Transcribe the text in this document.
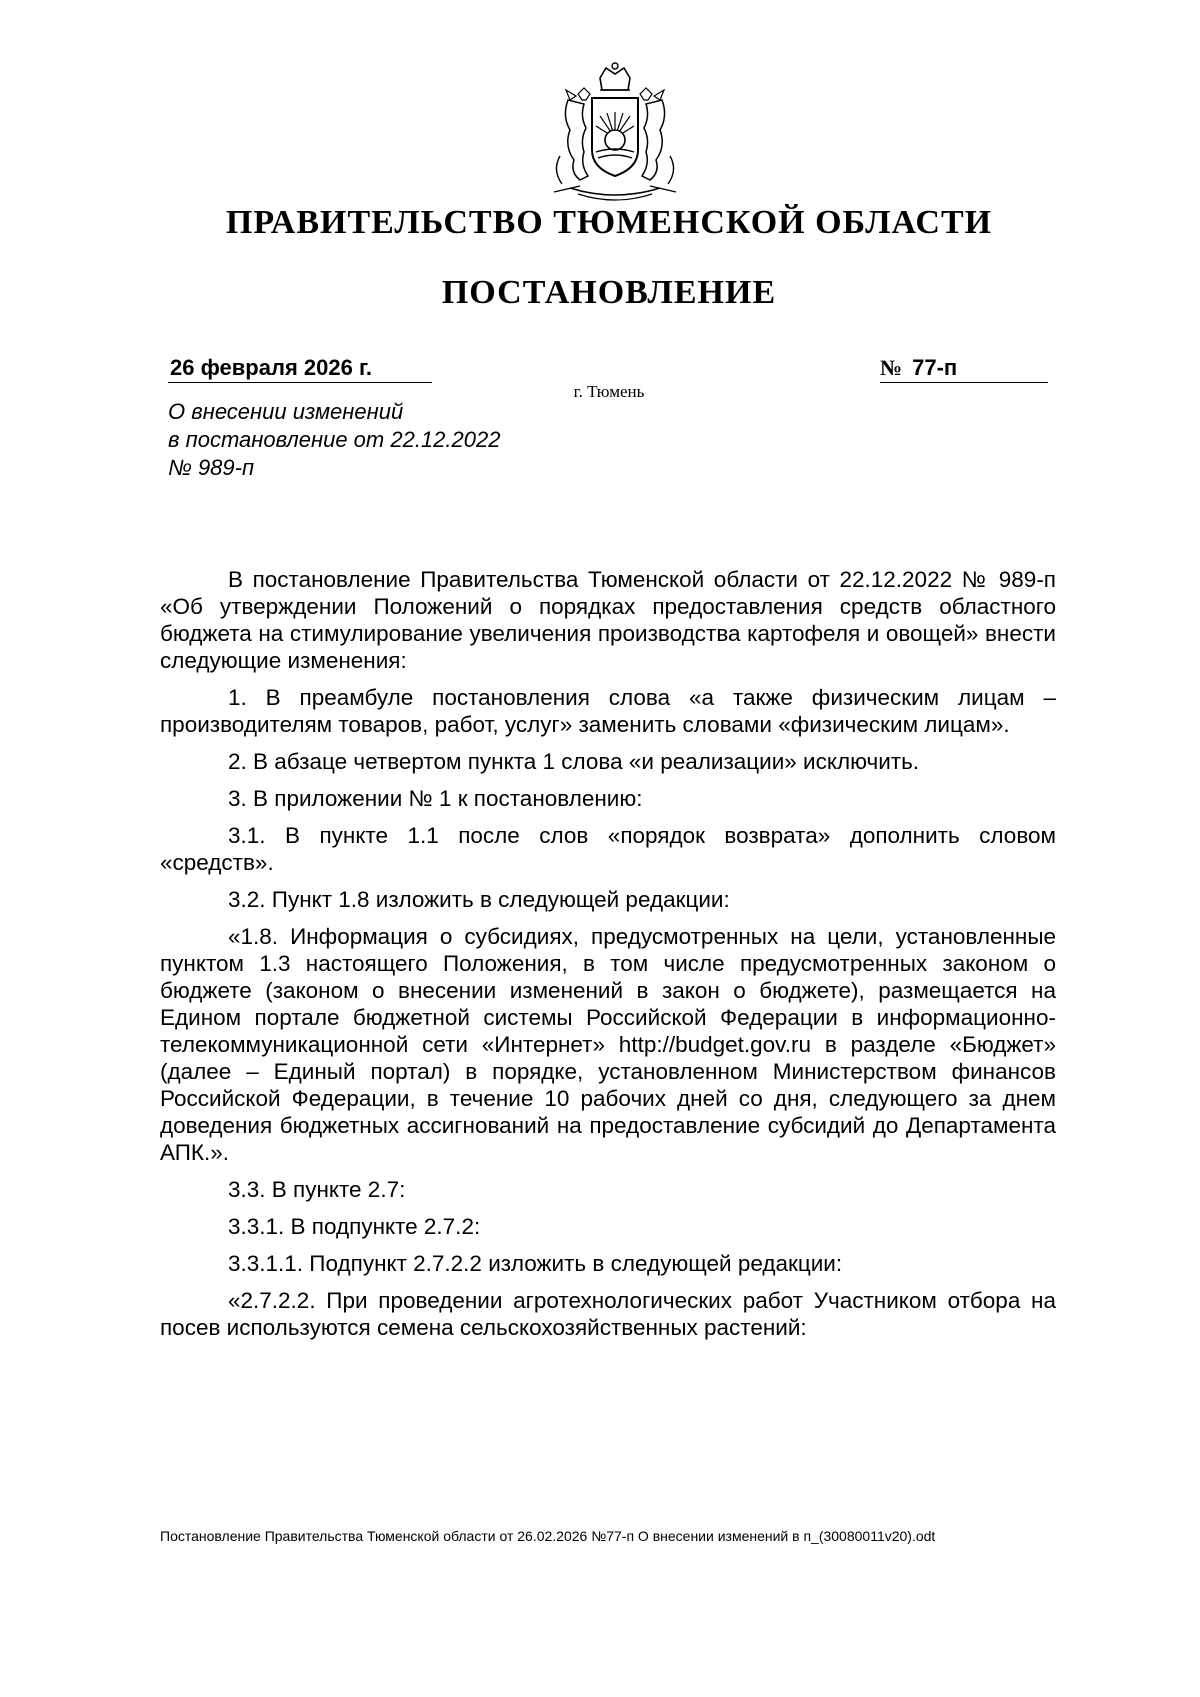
ПРАВИТЕЛЬСТВО ТЮМЕНСКОЙ ОБЛАСТИ
ПОСТАНОВЛЕНИЕ
26 февраля 2026 г.	№ 77-п
г. Тюмень
О внесении изменений
в постановление от 22.12.2022
№ 989-п

В постановление Правительства Тюменской области от 22.12.2022 № 989-п «Об утверждении Положений о порядках предоставления средств областного бюджета на стимулирование увеличения производства картофеля и овощей» внести следующие изменения:

1. В преамбуле постановления слова «а также физическим лицам – производителям товаров, работ, услуг» заменить словами «физическим лицам».

2. В абзаце четвертом пункта 1 слова «и реализации» исключить.

3. В приложении № 1 к постановлению:

3.1. В пункте 1.1 после слов «порядок возврата» дополнить словом «средств».

3.2. Пункт 1.8 изложить в следующей редакции:

«1.8. Информация о субсидиях, предусмотренных на цели, установленные пунктом 1.3 настоящего Положения, в том числе предусмотренных законом о бюджете (законом о внесении изменений в закон о бюджете), размещается на Едином портале бюджетной системы Российской Федерации в информационно-телекоммуникационной сети «Интернет» http://budget.gov.ru в разделе «Бюджет» (далее – Единый портал) в порядке, установленном Министерством финансов Российской Федерации, в течение 10 рабочих дней со дня, следующего за днем доведения бюджетных ассигнований на предоставление субсидий до Департамента АПК.».

3.3. В пункте 2.7:

3.3.1. В подпункте 2.7.2:

3.3.1.1. Подпункт 2.7.2.2 изложить в следующей редакции:

«2.7.2.2. При проведении агротехнологических работ Участником отбора на посев используются семена сельскохозяйственных растений:

Постановление Правительства Тюменской области от 26.02.2026 №77-п О внесении изменений в п_(30080011v20).odt
